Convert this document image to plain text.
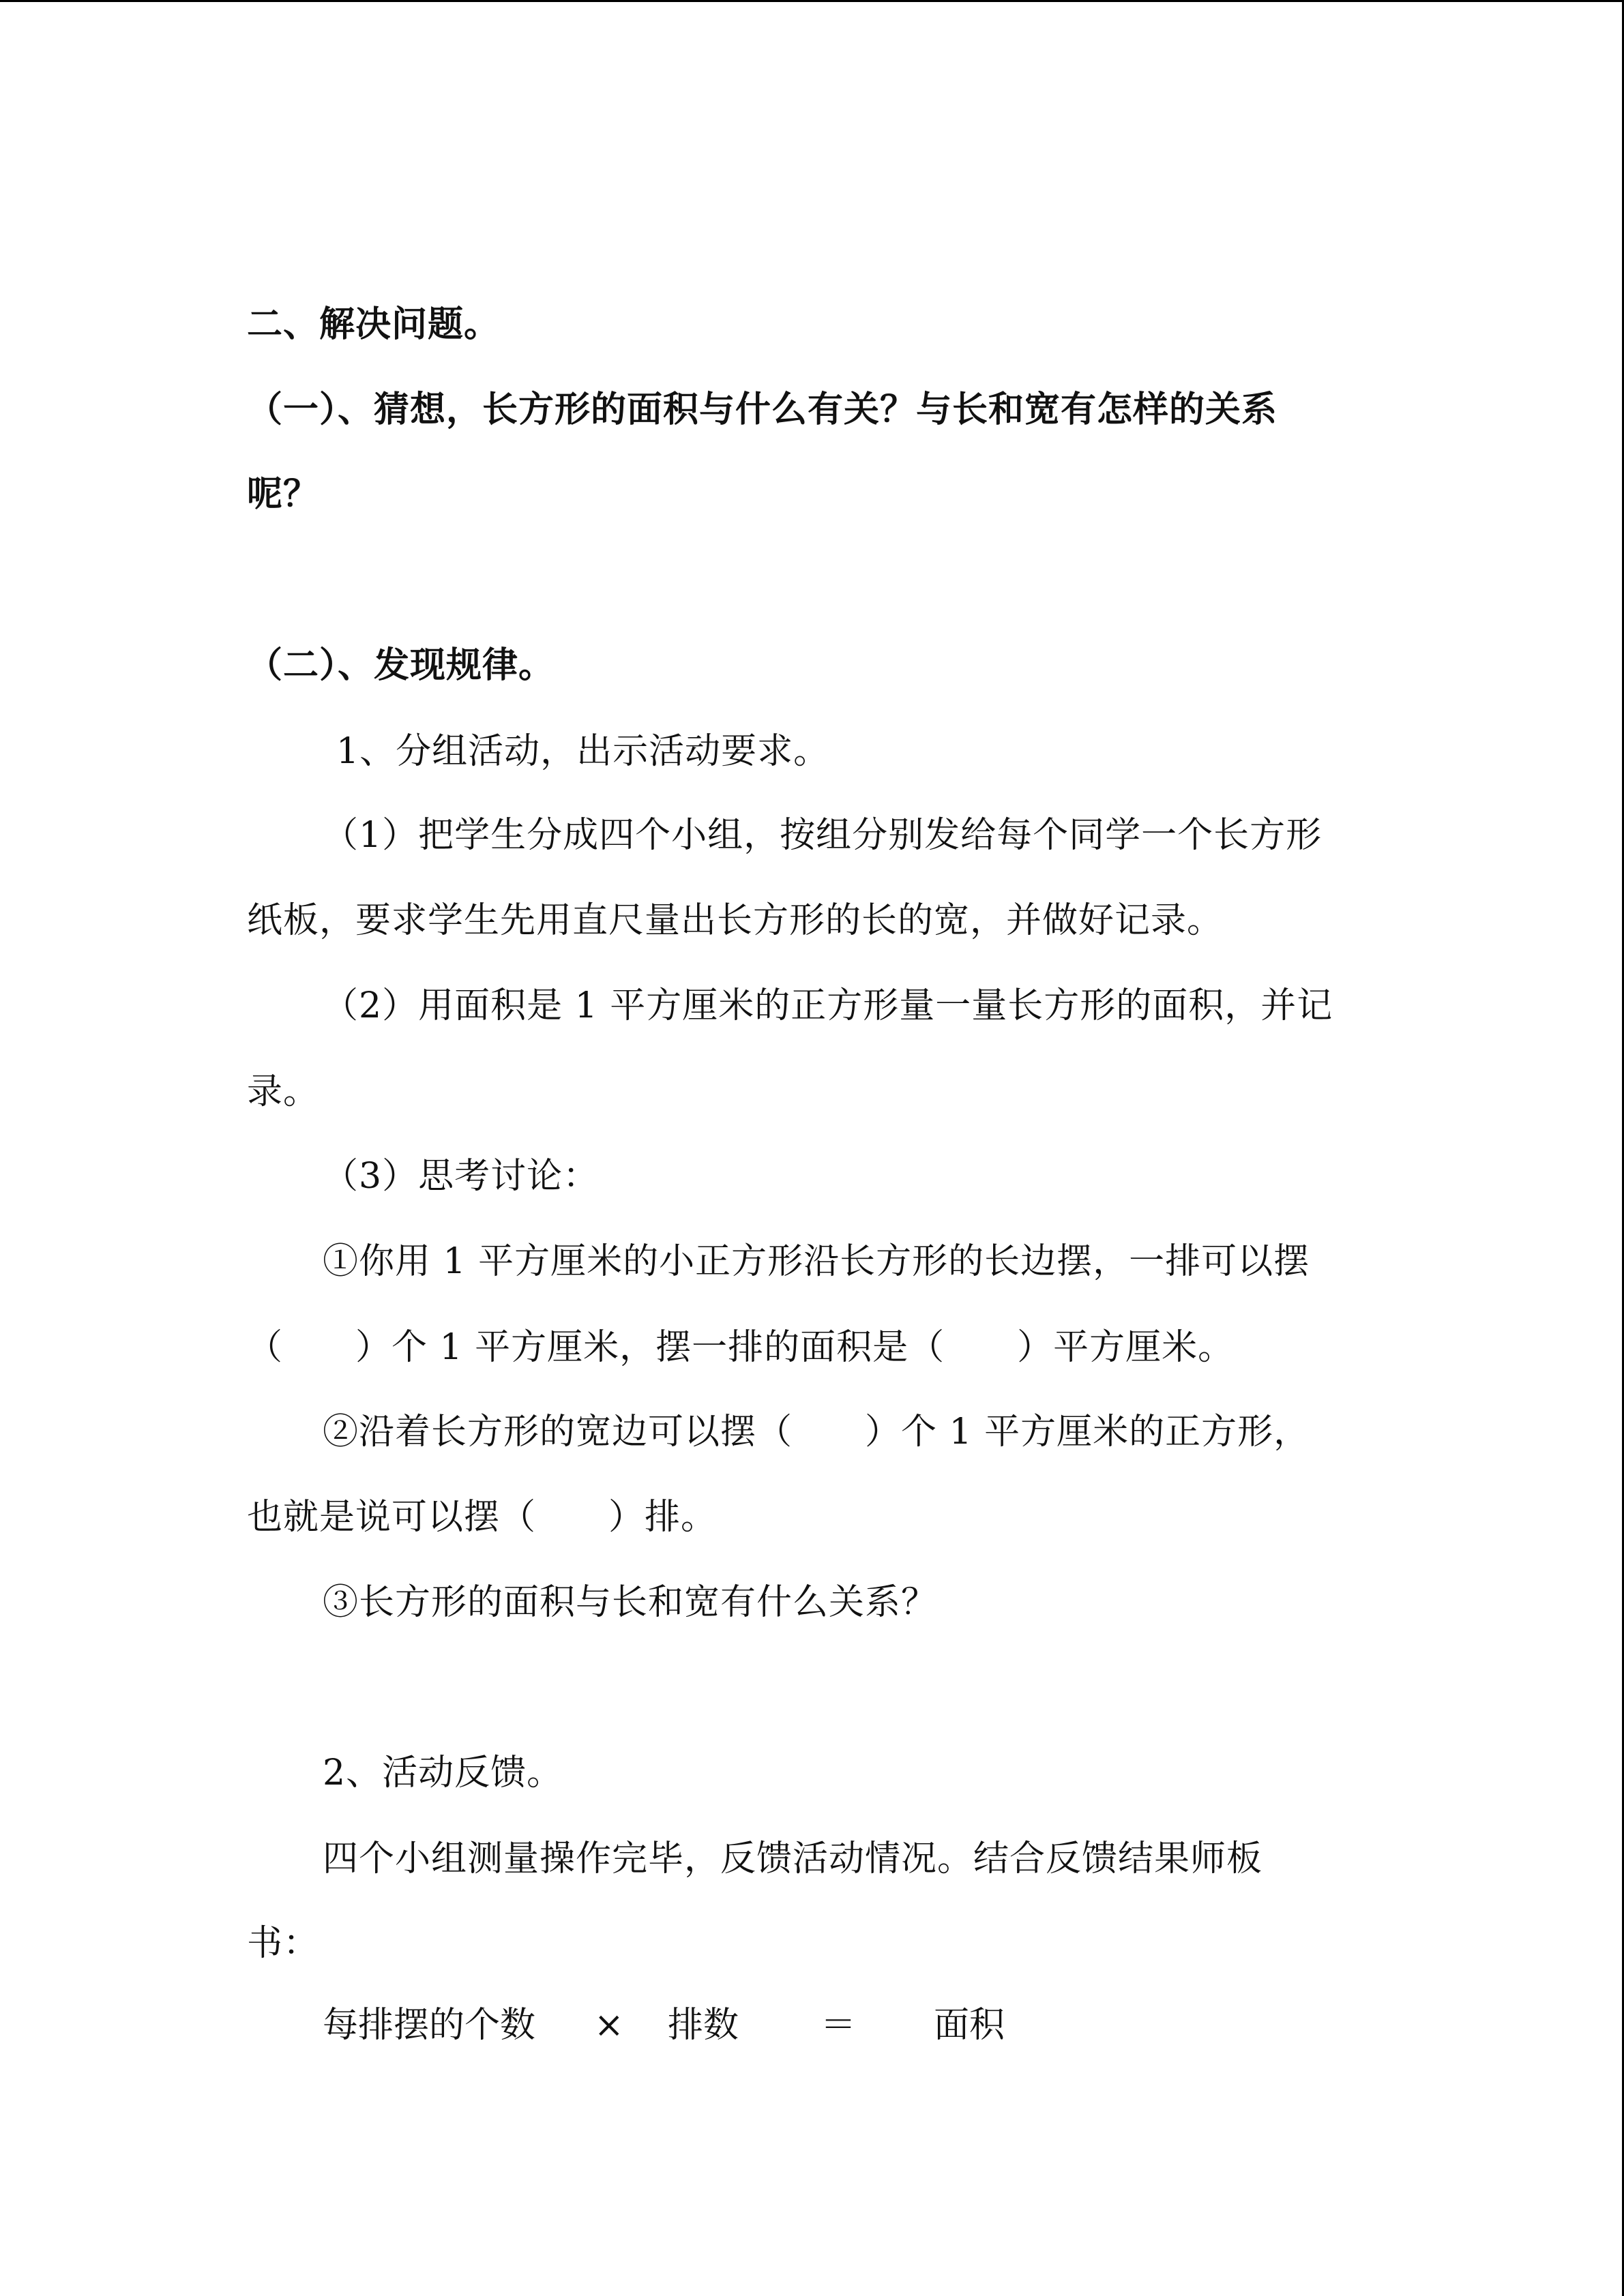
二、解决问题。
（一）、猜想，长方形的面积与什么有关？与长和宽有怎样的关系
呢？
（二）、发现规律。
1、分组活动，出示活动要求。
（1）把学生分成四个小组，按组分别发给每个同学一个长方形
纸板，要求学生先用直尺量出长方形的长的宽，并做好记录。
（2）用面积是 1 平方厘米的正方形量一量长方形的面积，并记
录。
（3）思考讨论：
①你用 1 平方厘米的小正方形沿长方形的长边摆，一排可以摆
（　　）个 1 平方厘米，摆一排的面积是（　　）平方厘米。
②沿着长方形的宽边可以摆（　　）个 1 平方厘米的正方形，
也就是说可以摆（　　）排。
③长方形的面积与长和宽有什么关系？
2、活动反馈。
四个小组测量操作完毕，反馈活动情况。结合反馈结果师板
书：
每排摆的个数 × 排数 ＝ 面积
